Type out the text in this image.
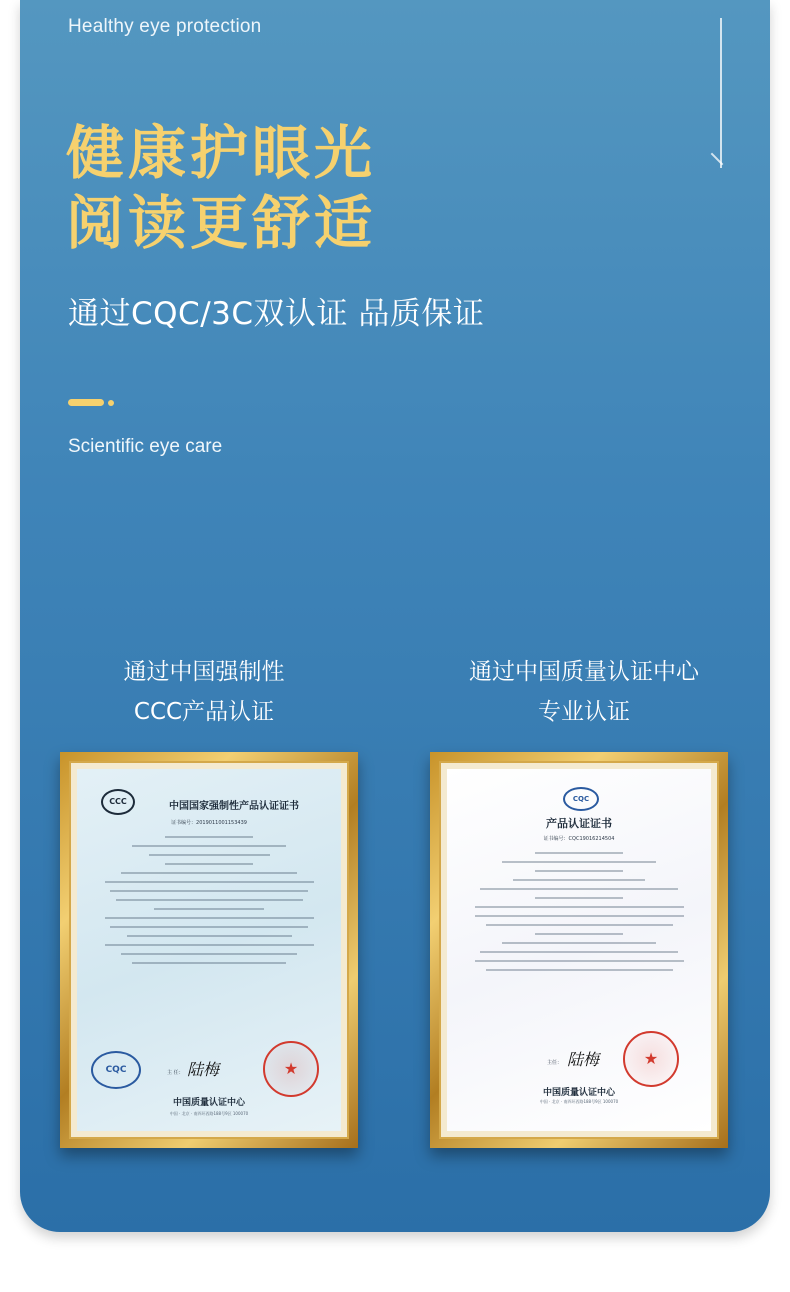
Healthy eye protection
健康护眼光
阅读更舒适
通过CQC/3C双认证 品质保证
Scientific eye care
通过中国强制性
CCC产品认证
通过中国质量认证中心
专业认证
CCC	中国国家强制性产品认证证书
证书编号：2019011001153439
CQC	主 任： 陆梅
★
中国质量认证中心
中国 · 北京 · 南四环西路188号9区 100070
CQC
产品认证证书
证书编号：CQC19016214504
主任： 陆梅
★
中国质量认证中心
中国 · 北京 · 南四环西路188号9区 100070
